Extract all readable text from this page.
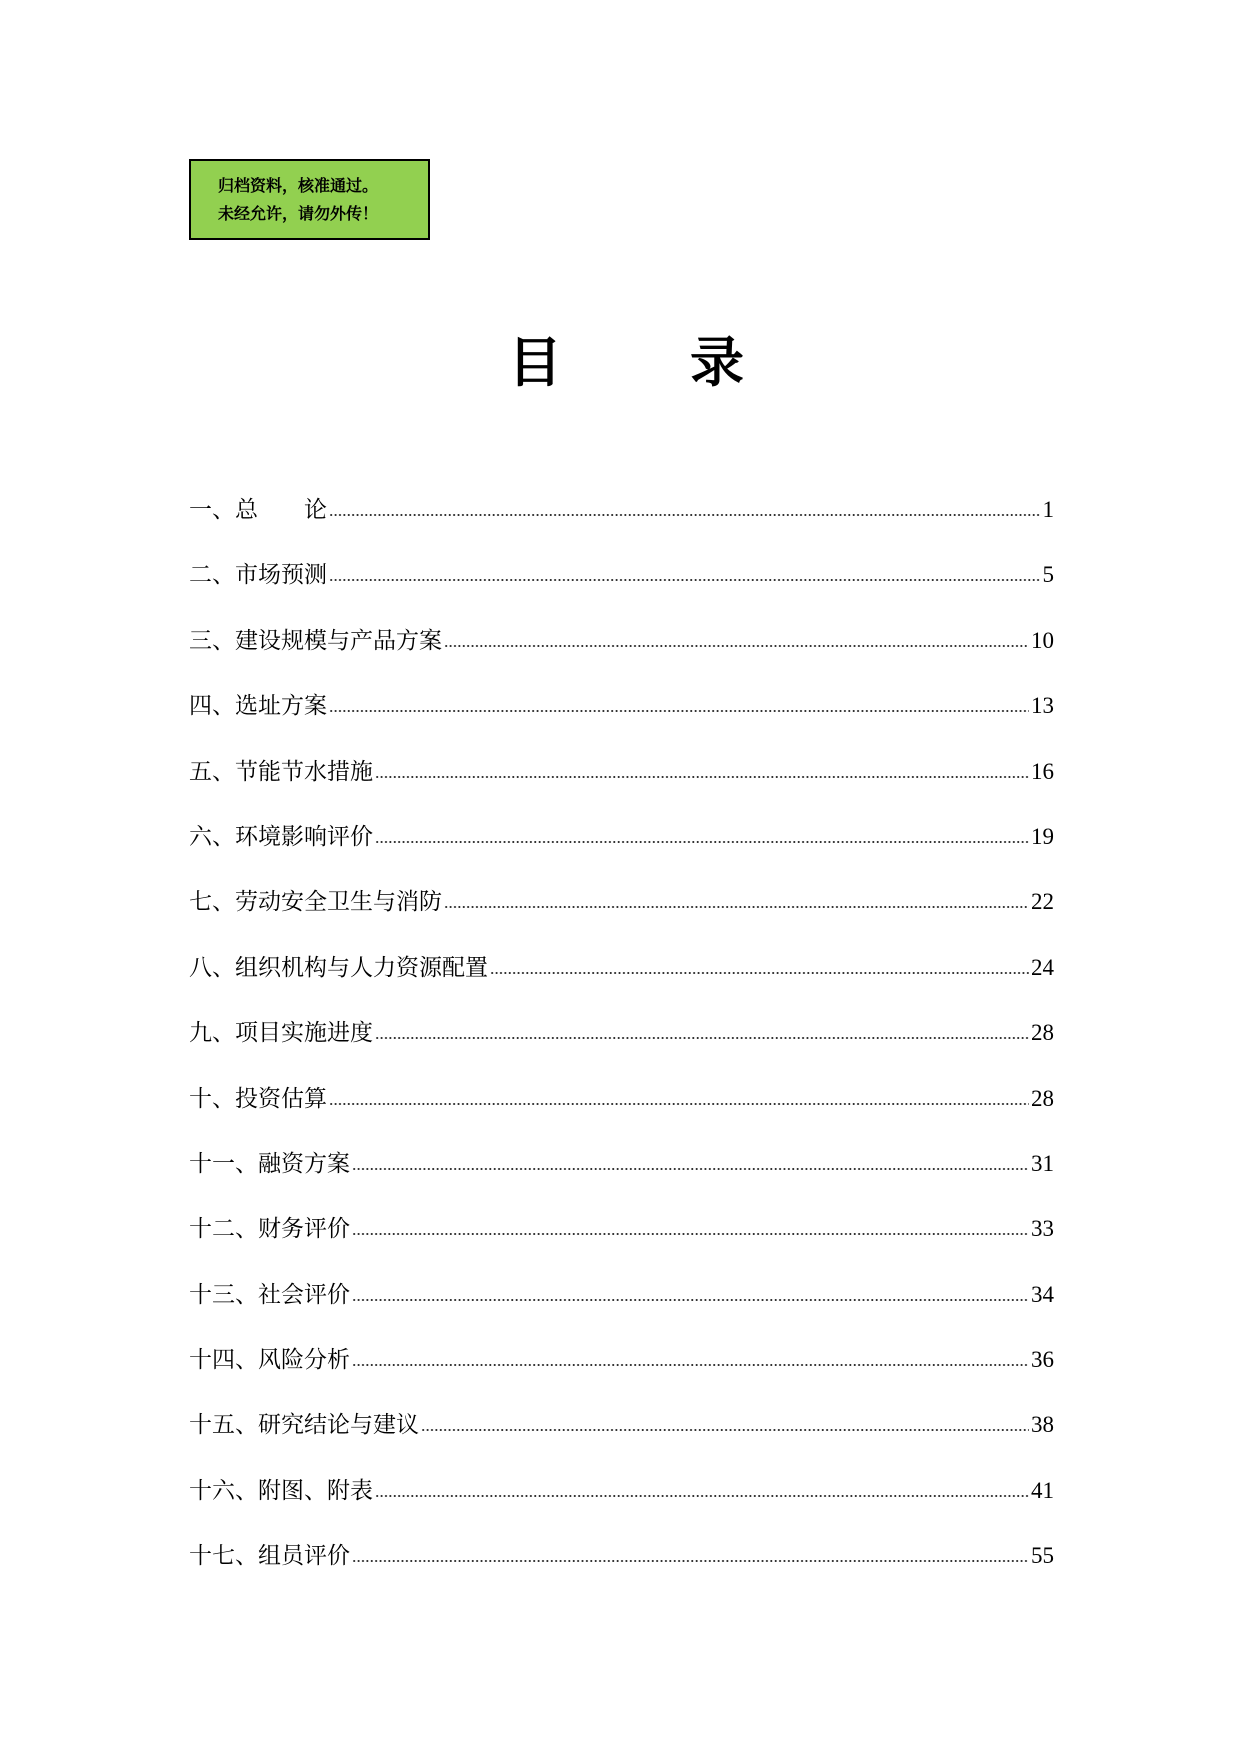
归档资料，核准通过。
未经允许，请勿外传！
目 录
一、总　　论	1
二、市场预测	5
三、建设规模与产品方案	10
四、选址方案	13
五、节能节水措施	16
六、环境影响评价	19
七、劳动安全卫生与消防	22
八、组织机构与人力资源配置	24
九、项目实施进度	28
十、投资估算	28
十一、融资方案	31
十二、财务评价	33
十三、社会评价	34
十四、风险分析	36
十五、研究结论与建议	38
十六、附图、附表	41
十七、组员评价	55
